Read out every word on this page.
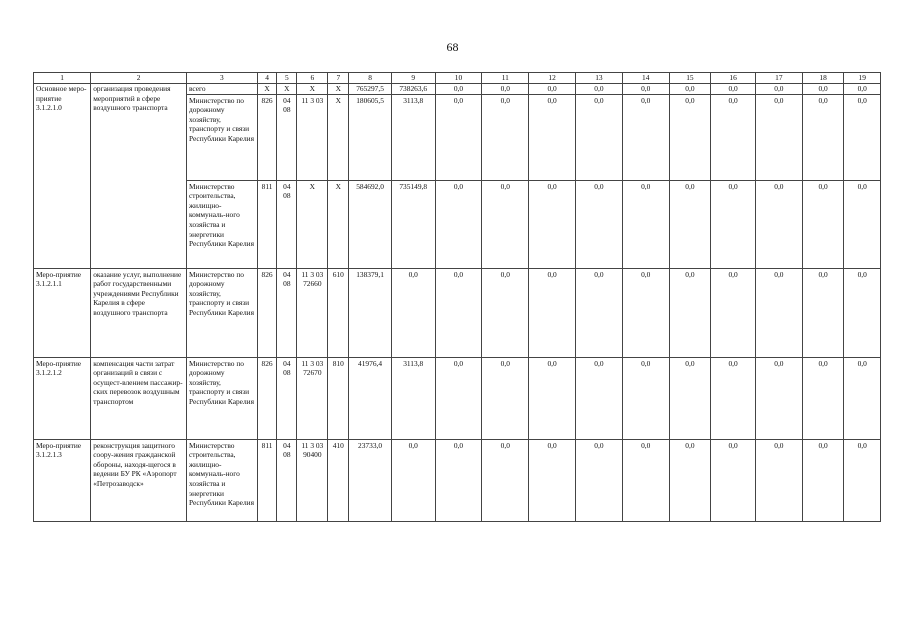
68
1	2	3	4	5	6	7	8	9	10	11	12	13	14	15	16	17	18	19
Основное меро-приятие 3.1.2.1.0	организация проведения мероприятий в сфере воздушного транспорта	всего	X	X	X	X	765297,5	738263,6	0,0	0,0	0,0	0,0	0,0	0,0	0,0	0,0	0,0	0,0
		Министерство по дорожному хозяйству, транспорту и связи Республики Карелия	826	04 08	11 3 03	X	180605,5	3113,8	0,0	0,0	0,0	0,0	0,0	0,0	0,0	0,0	0,0	0,0
		Министерство строительства, жилищно-коммуналь-ного хозяйства и энергетики Республики Карелия	811	04 08	X	X	584692,0	735149,8	0,0	0,0	0,0	0,0	0,0	0,0	0,0	0,0	0,0	0,0
Меро-приятие 3.1.2.1.1	оказание услуг, выполнение работ государственными учреждениями Республики Карелия в сфере воздушного транспорта	Министерство по дорожному хозяйству, транспорту и связи Республики Карелия	826	04 08	11 3 03 72660	610	138379,1	0,0	0,0	0,0	0,0	0,0	0,0	0,0	0,0	0,0	0,0	0,0
Меро-приятие 3.1.2.1.2	компенсация части затрат организаций в связи с осущест-влением пассажир-ских перевозок воздушным транспортом	Министерство по дорожному хозяйству, транспорту и связи Республики Карелия	826	04 08	11 3 03 72670	810	41976,4	3113,8	0,0	0,0	0,0	0,0	0,0	0,0	0,0	0,0	0,0	0,0
Меро-приятие 3.1.2.1.3	реконструкция защитного соору-жения гражданской обороны, находя-щегося в ведении БУ РК «Аэропорт «Петрозаводск»	Министерство строительства, жилищно-коммуналь-ного хозяйства и энергетики Республики Карелия	811	04 08	11 3 03 90400	410	23733,0	0,0	0,0	0,0	0,0	0,0	0,0	0,0	0,0	0,0	0,0	0,0
